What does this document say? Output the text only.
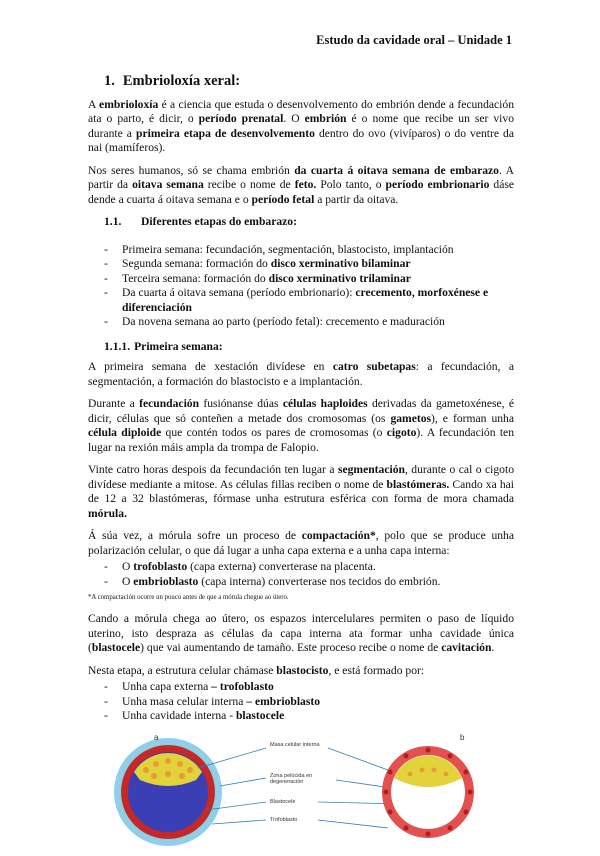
Estudo da cavidade oral – Unidade 1
1. Embrioloxía xeral:

A embrioloxía é a ciencia que estuda o desenvolvemento do embrión dende a fecundación ata o parto, é dicir, o período prenatal. O embrión é o nome que recibe un ser vivo durante a primeira etapa de desenvolvemento dentro do ovo (vivíparos) o do ventre da nai (mamíferos).

Nos seres humanos, só se chama embrión da cuarta á oitava semana de embarazo. A partir da oitava semana recibe o nome de feto. Polo tanto, o período embrionario dáse dende a cuarta á oitava semana e o período fetal a partir da oitava.

1.1. Diferentes etapas do embarazo:
- Primeira semana: fecundación, segmentación, blastocisto, implantación
- Segunda semana: formación do disco xerminativo bilaminar
- Terceira semana: formación do disco xerminativo trilaminar
- Da cuarta á oitava semana (período embrionario): crecemento, morfoxénese e diferenciación
- Da novena semana ao parto (período fetal): crecemento e maduración
1.1.1. Primeira semana:

A primeira semana de xestación divídese en catro subetapas: a fecundación, a segmentación, a formación do blastocisto e a implantación.

Durante a fecundación fusiónanse dúas células haploides derivadas da gametoxénese, é dicir, células que só conteñen a metade dos cromosomas (os gametos), e forman unha célula diploide que contén todos os pares de cromosomas (o cigoto). A fecundación ten lugar na rexión máis ampla da trompa de Falopio.

Vinte catro horas despois da fecundación ten lugar a segmentación, durante o cal o cigoto divídese mediante a mitose. As células fillas reciben o nome de blastómeras. Cando xa hai de 12 a 32 blastómeras, fórmase unha estrutura esférica con forma de mora chamada mórula.

Á súa vez, a mórula sofre un proceso de compactación*, polo que se produce unha polarización celular, o que dá lugar a unha capa externa e a unha capa interna:

- O trofoblasto (capa externa) converterase na placenta.
- O embrioblasto (capa interna) converterase nos tecidos do embrión.
*A compactación ocorre un pouco antes de que a mórula chegue ao útero.

Cando a mórula chega ao útero, os espazos intercelulares permiten o paso de líquido uterino, isto despraza as células da capa interna ata formar unha cavidade única (blastocele) que vai aumentando de tamaño. Este proceso recibe o nome de cavitación.

Nesta etapa, a estrutura celular chámase blastocisto, e está formado por:

- Unha capa externa – trofoblasto
- Unha masa celular interna – embrioblasto
- Unha cavidade interna - blastocele
a	b
Masa celular interna
Zona pelúcida en degeneración
Blastocele
Trofoblasto
